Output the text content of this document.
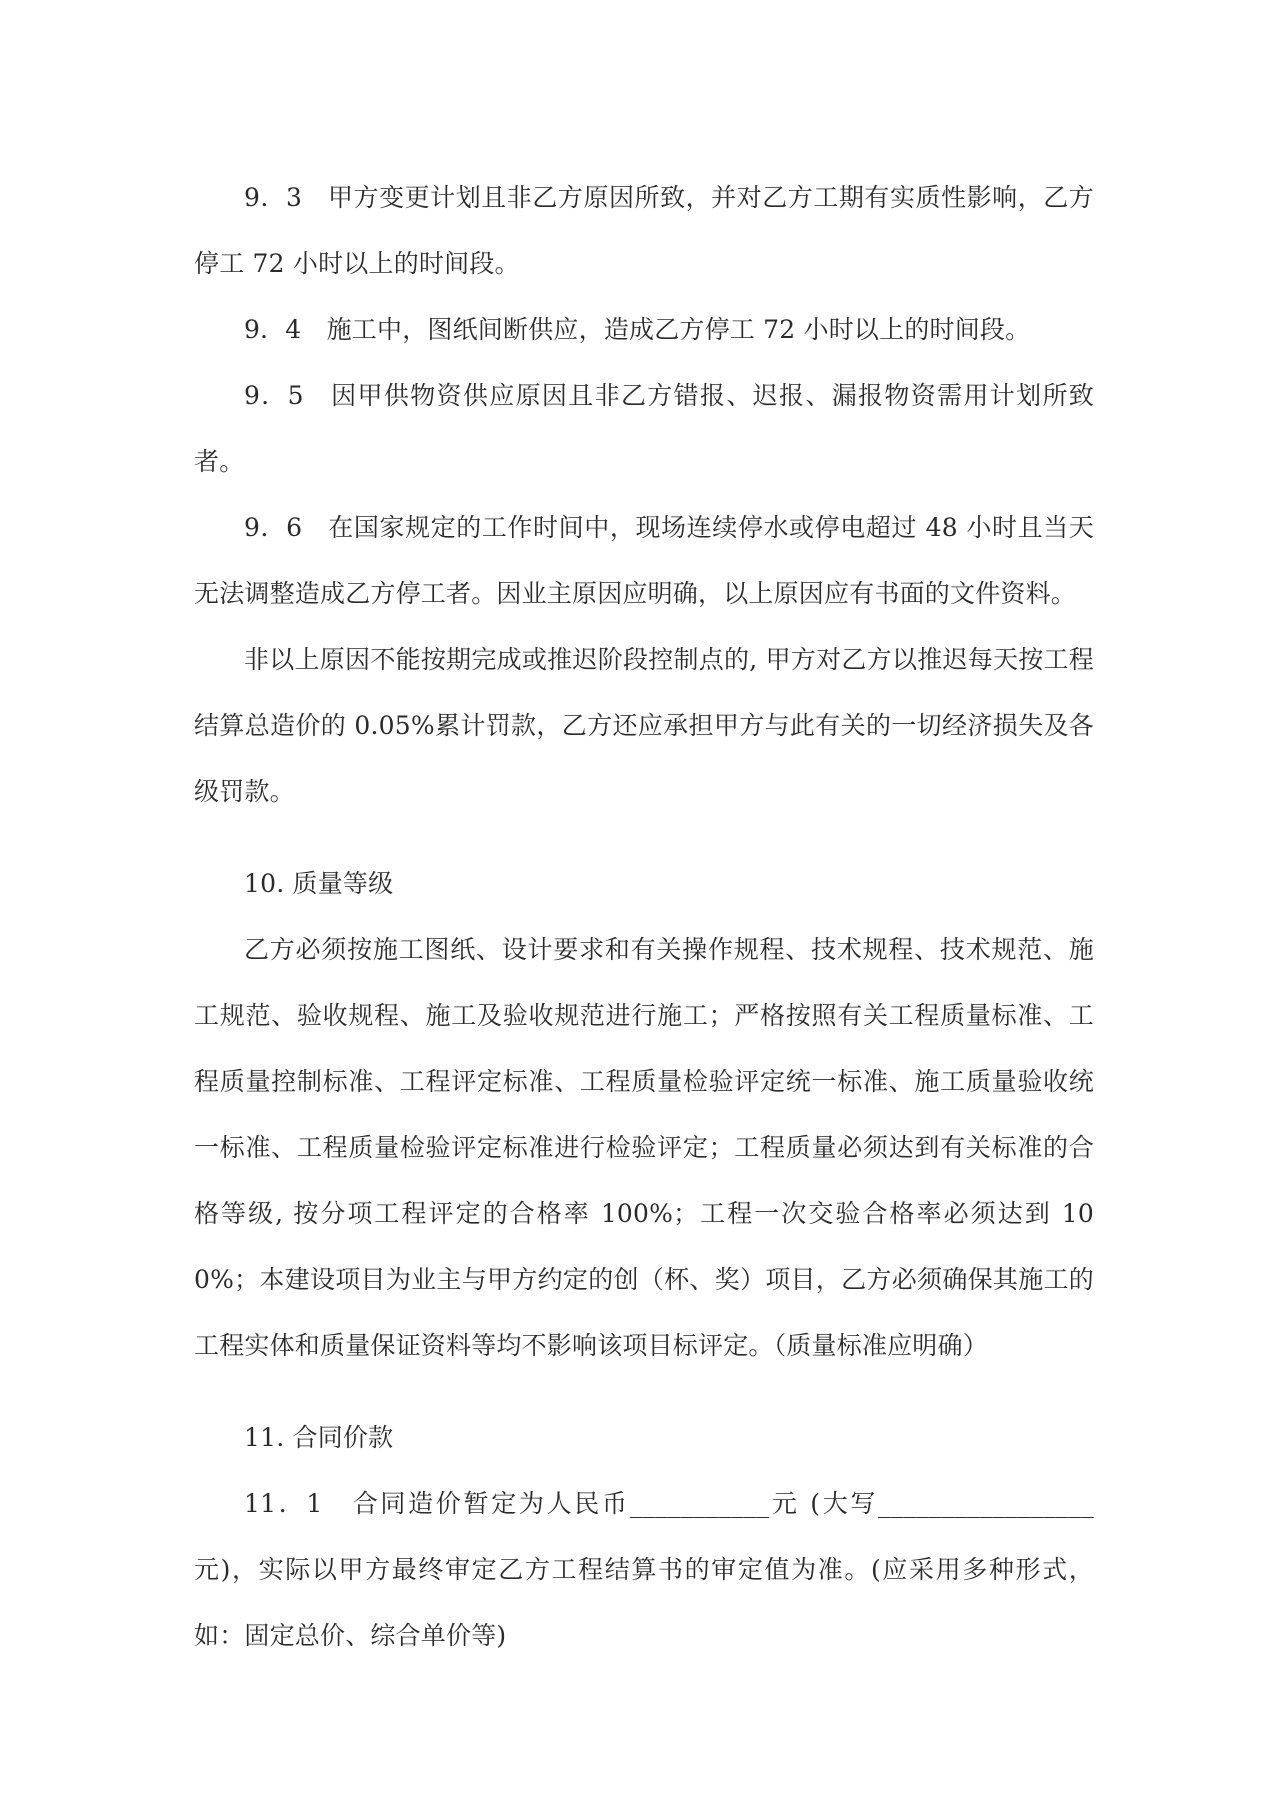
9．3　甲方变更计划且非乙方原因所致，并对乙方工期有实质性影响，乙方停工 72 小时以上的时间段。

9．4　施工中，图纸间断供应，造成乙方停工 72 小时以上的时间段。

9．5　因甲供物资供应原因且非乙方错报、迟报、漏报物资需用计划所致者。

9．6　在国家规定的工作时间中，现场连续停水或停电超过 48 小时且当天无法调整造成乙方停工者。因业主原因应明确，以上原因应有书面的文件资料。

非以上原因不能按期完成或推迟阶段控制点的, 甲方对乙方以推迟每天按工程结算总造价的 0.05%累计罚款，乙方还应承担甲方与此有关的一切经济损失及各级罚款。

10. 质量等级

乙方必须按施工图纸、设计要求和有关操作规程、技术规程、技术规范、施工规范、验收规程、施工及验收规范进行施工；严格按照有关工程质量标准、工程质量控制标准、工程评定标准、工程质量检验评定统一标准、施工质量验收统一标准、工程质量检验评定标准进行检验评定；工程质量必须达到有关标准的合格等级, 按分项工程评定的合格率 100%；工程一次交验合格率必须达到 100%；本建设项目为业主与甲方约定的创（杯、奖）项目，乙方必须确保其施工的工程实体和质量保证资料等均不影响该项目标评定。（质量标准应明确）

11. 合同价款

11．1　合同造价暂定为人民币___________元 (大写_________________元)，实际以甲方最终审定乙方工程结算书的审定值为准。(应采用多种形式，如：固定总价、综合单价等)
